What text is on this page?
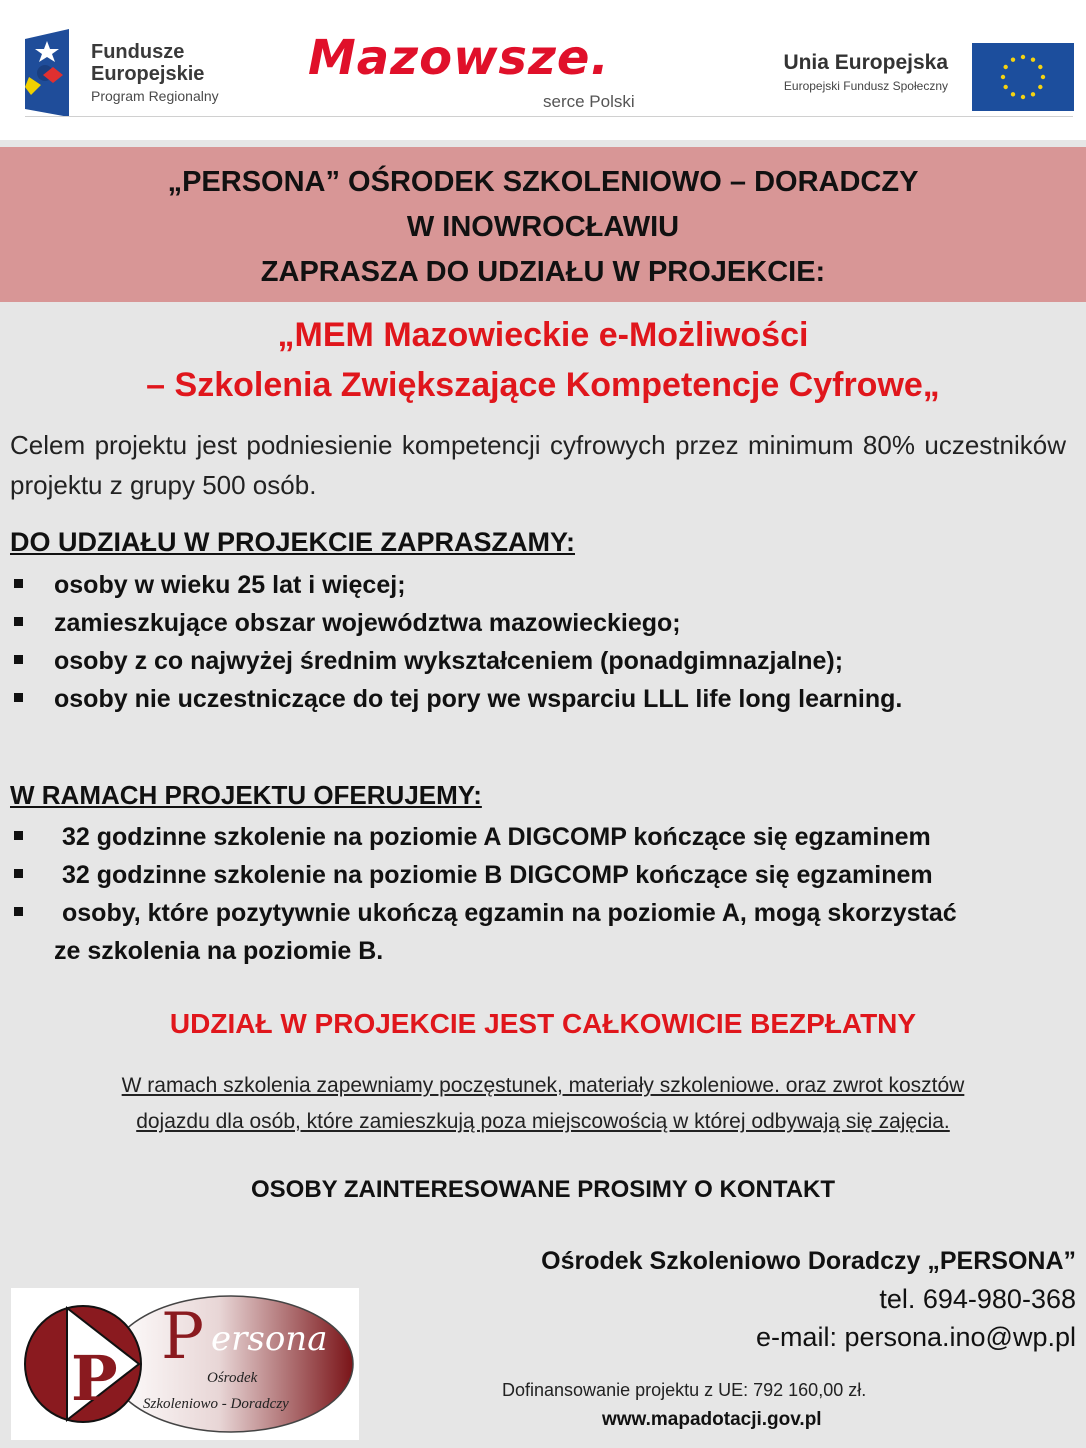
Fundusze
Europejskie
Program Regionalny
Mazowsze.
serce Polski
Unia Europejska
Europejski Fundusz Społeczny
„PERSONA” OŚRODEK SZKOLENIOWO – DORADCZY
W INOWROCŁAWIU
ZAPRASZA DO UDZIAŁU W PROJEKCIE:
„MEM Mazowieckie e-Możliwości
– Szkolenia Zwiększające Kompetencje Cyfrowe„
Celem projektu jest podniesienie kompetencji cyfrowych przez minimum 80% uczestników projektu z grupy 500 osób.
DO UDZIAŁU W PROJEKCIE ZAPRASZAMY:
osoby w wieku 25 lat i więcej;
zamieszkujące obszar województwa mazowieckiego;
osoby z co najwyżej średnim wykształceniem (ponadgimnazjalne);
osoby nie uczestniczące do tej pory we wsparciu LLL life long learning.
W RAMACH PROJEKTU OFERUJEMY:
32 godzinne szkolenie na poziomie A DIGCOMP kończące się egzaminem
32 godzinne szkolenie na poziomie B DIGCOMP kończące się egzaminem
osoby, które pozytywnie ukończą egzamin na poziomie A, mogą skorzystać
ze szkolenia na poziomie B.
UDZIAŁ W PROJEKCIE JEST CAŁKOWICIE BEZPŁATNY
W ramach szkolenia zapewniamy poczęstunek, materiały szkoleniowe. oraz zwrot kosztów
dojazdu dla osób, które zamieszkują poza miejscowością w której odbywają się zajęcia.
OSOBY ZAINTERESOWANE PROSIMY O KONTAKT
P
P ersona
Ośrodek
Szkoleniowo - Doradczy
Ośrodek Szkoleniowo Doradczy „PERSONA”
tel. 694-980-368
e-mail: persona.ino@wp.pl
Dofinansowanie projektu z UE: 792 160,00 zł.
www.mapadotacji.gov.pl
